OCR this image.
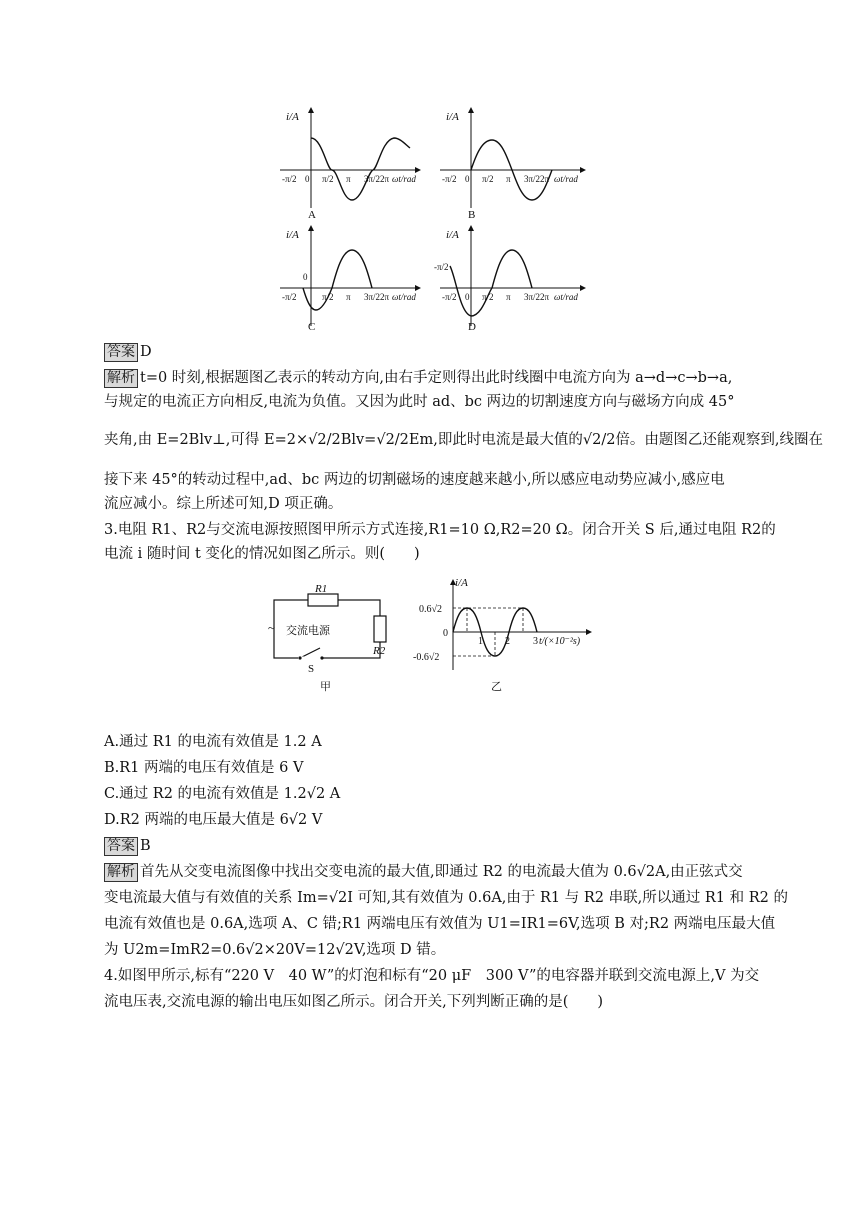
i/A
-π/2 0 π/2 π 3π/2 2π ωt/rad
A
i/A
-π/2 0 π/2 π 3π/2 2π ωt/rad
B
i/A
0
-π/2	π/2 π 3π/2 2π ωt/rad
C
i/A
-π/2
-π/2 0 π/2 π 3π/2 2π ωt/rad
D
答案 D
解析 t=0 时刻,根据题图乙表示的转动方向,由右手定则得出此时线圈中电流方向为 a→d→c→b→a,
与规定的电流正方向相反,电流为负值。又因为此时 ad、bc 两边的切割速度方向与磁场方向成 45°
夹角,由 E=2Blv⊥,可得 E=2×√2/2Blv=√2/2Em,即此时电流是最大值的√2/2倍。由题图乙还能观察到,线圈在
接下来 45°的转动过程中,ad、bc 两边的切割磁场的速度越来越小,所以感应电动势应减小,感应电
流应减小。综上所述可知,D 项正确。
3.电阻 R1、R2与交流电源按照图甲所示方式连接,R1=10 Ω,R2=20 Ω。闭合开关 S 后,通过电阻 R2的
电流 i 随时间 t 变化的情况如图乙所示。则(　　)
R1
R2
~ 交流电源
S
甲
i/A
0.6√2
-0.6√2
0
1 2 3 t/(×10⁻²s)
乙
A.通过 R1 的电流有效值是 1.2 A
B.R1 两端的电压有效值是 6 V
C.通过 R2 的电流有效值是 1.2√2 A
D.R2 两端的电压最大值是 6√2 V
答案 B
解析 首先从交变电流图像中找出交变电流的最大值,即通过 R2 的电流最大值为 0.6√2A,由正弦式交
变电流最大值与有效值的关系 Im=√2I 可知,其有效值为 0.6A,由于 R1 与 R2 串联,所以通过 R1 和 R2 的
电流有效值也是 0.6A,选项 A、C 错;R1 两端电压有效值为 U1=IR1=6V,选项 B 对;R2 两端电压最大值
为 U2m=ImR2=0.6√2×20V=12√2V,选项 D 错。
4.如图甲所示,标有“220 V　40 W”的灯泡和标有“20 μF　300 V”的电容器并联到交流电源上,V 为交
流电压表,交流电源的输出电压如图乙所示。闭合开关,下列判断正确的是(　　)
